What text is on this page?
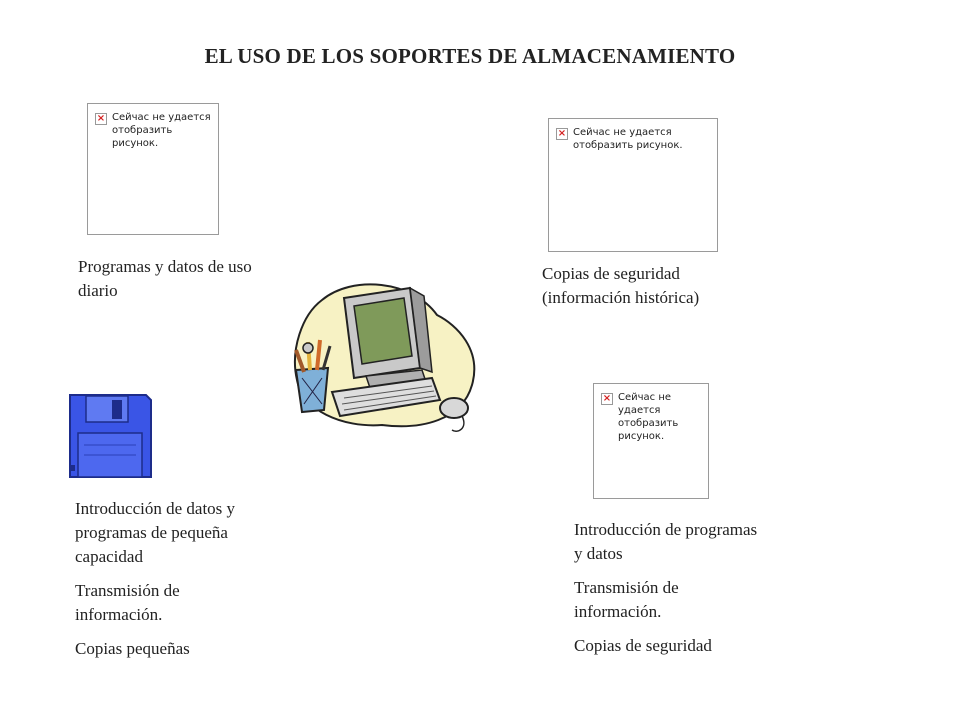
EL USO DE LOS SOPORTES DE ALMACENAMIENTO
× Сейчас не удается отобразить рисунок.
× Сейчас не удается отобразить рисунок.
× Сейчас не удается отобразить рисунок.

Programas y datos de uso diario

Copias de seguridad (información histórica)

Introducción de datos y programas de pequeña capacidad

Transmisión de información.

Copias pequeñas

Introducción de programas y datos

Transmisión de información.

Copias de seguridad
